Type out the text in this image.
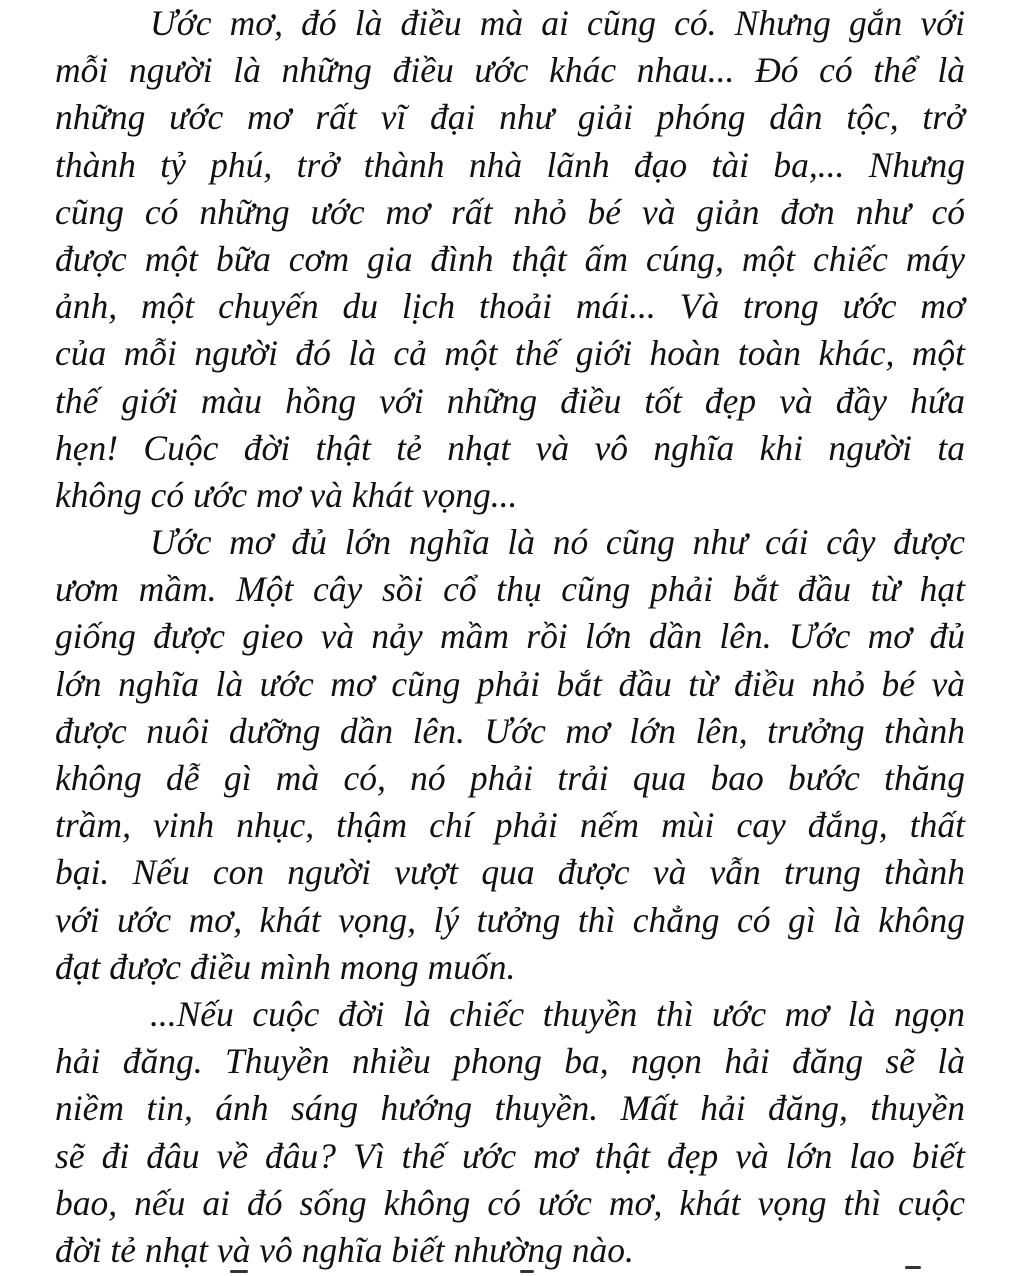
Ước mơ, đó là điều mà ai cũng có. Nhưng gắn với
mỗi người là những điều ước khác nhau... Đó có thể là
những ước mơ rất vĩ đại như giải phóng dân tộc, trở
thành tỷ phú, trở thành nhà lãnh đạo tài ba,... Nhưng
cũng có những ước mơ rất nhỏ bé và giản đơn như có
được một bữa cơm gia đình thật ấm cúng, một chiếc máy
ảnh, một chuyến du lịch thoải mái... Và trong ước mơ
của mỗi người đó là cả một thế giới hoàn toàn khác, một
thế giới màu hồng với những điều tốt đẹp và đầy hứa
hẹn! Cuộc đời thật tẻ nhạt và vô nghĩa khi người ta
không có ước mơ và khát vọng...
Ước mơ đủ lớn nghĩa là nó cũng như cái cây được
ươm mầm. Một cây sồi cổ thụ cũng phải bắt đầu từ hạt
giống được gieo và nảy mầm rồi lớn dần lên. Ước mơ đủ
lớn nghĩa là ước mơ cũng phải bắt đầu từ điều nhỏ bé và
được nuôi dưỡng dần lên. Ước mơ lớn lên, trưởng thành
không dễ gì mà có, nó phải trải qua bao bước thăng
trầm, vinh nhục, thậm chí phải nếm mùi cay đắng, thất
bại. Nếu con người vượt qua được và vẫn trung thành
với ước mơ, khát vọng, lý tưởng thì chẳng có gì là không
đạt được điều mình mong muốn.
...Nếu cuộc đời là chiếc thuyền thì ước mơ là ngọn
hải đăng. Thuyền nhiều phong ba, ngọn hải đăng sẽ là
niềm tin, ánh sáng hướng thuyền. Mất hải đăng, thuyền
sẽ đi đâu về đâu? Vì thế ước mơ thật đẹp và lớn lao biết
bao, nếu ai đó sống không có ước mơ, khát vọng thì cuộc
đời tẻ nhạt và vô nghĩa biết nhường nào.
